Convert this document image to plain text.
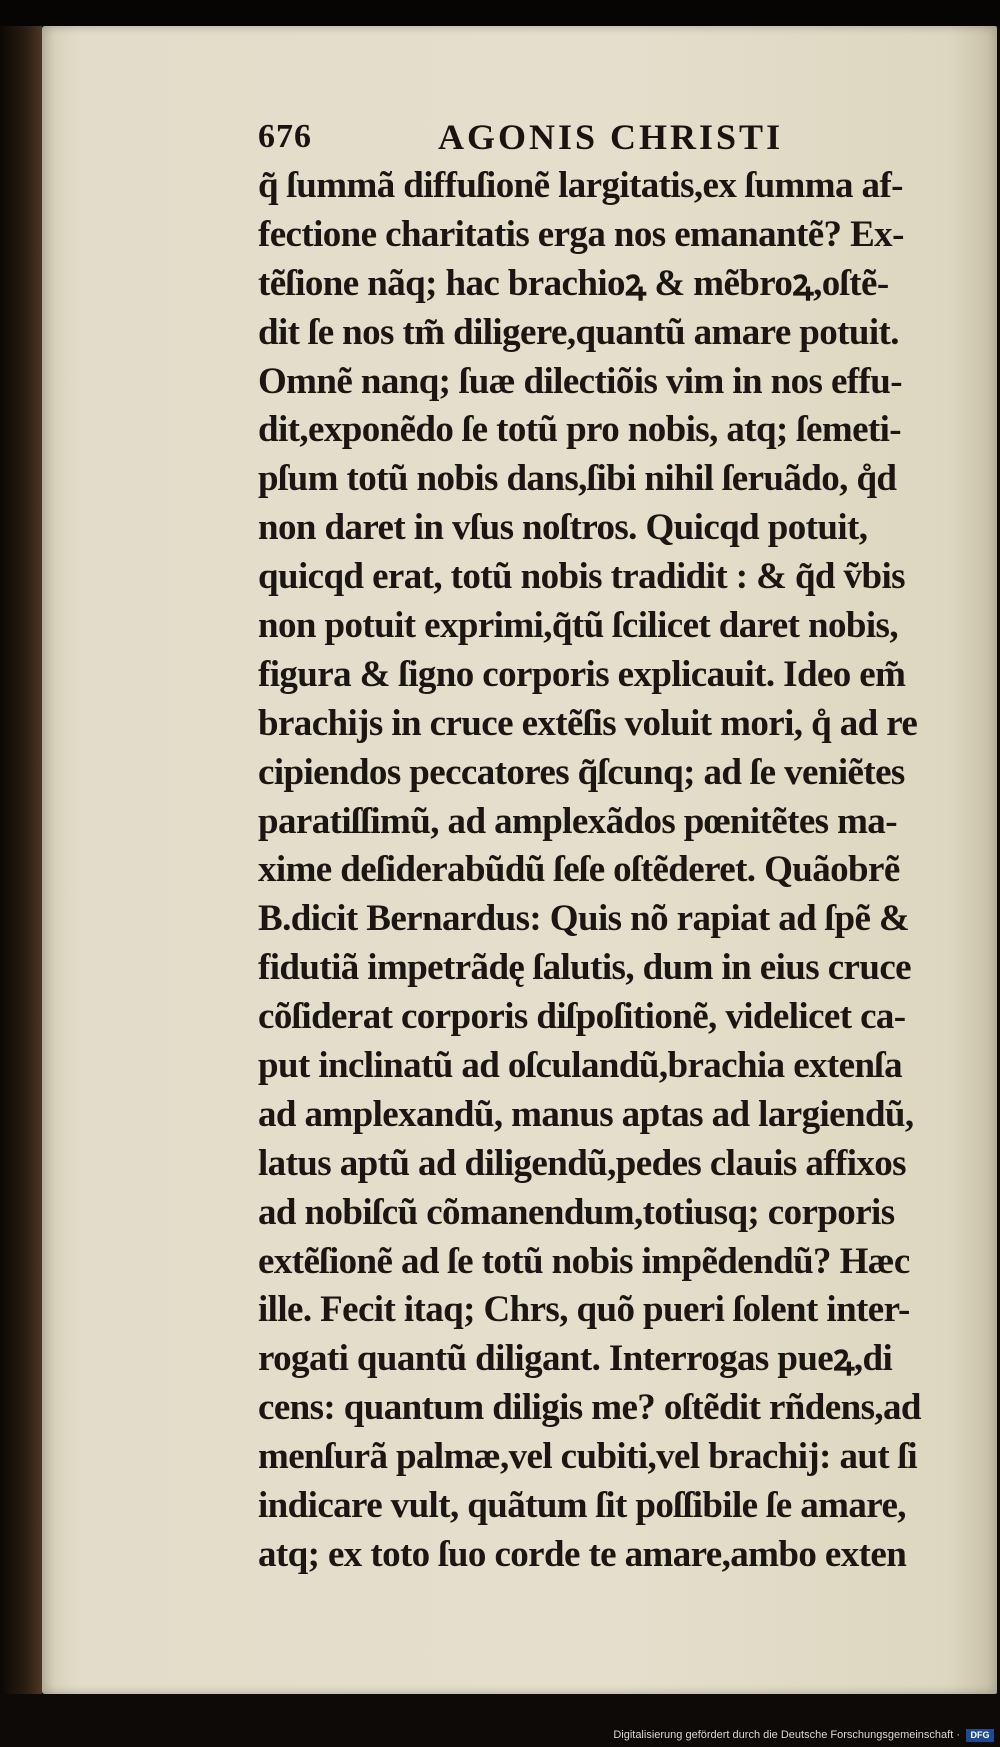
676	AGONIS CHRISTI
q̃ ſummã diffuſionẽ largitatis,ex ſumma af-
fectione charitatis erga nos emanantẽ? Ex-
tẽſione nãq; hac brachioꝝ & mẽbroꝝ,oſtẽ-
dit ſe nos tm̃ diligere,quantũ amare potuit.
Omnẽ nanq; ſuæ dilectiõis vim in nos effu-
dit,exponẽdo ſe totũ pro nobis, atq; ſemeti-
pſum totũ nobis dans,ſibi nihil ſeruãdo, q̊d
non daret in vſus noſtros. Quicqd potuit,
quicqd erat, totũ nobis tradidit : & q̃d ṽbis
non potuit exprimi,q̃tũ ſcilicet daret nobis,
figura & ſigno corporis explicauit. Ideo em̃
brachijs in cruce extẽſis voluit mori, q̊ ad re
cipiendos peccatores q̃ſcunq; ad ſe veniẽtes
paratiſſimũ, ad amplexãdos pœnitẽtes ma-
xime deſiderabũdũ ſeſe oſtẽderet. Quãobrẽ
B.dicit Bernardus: Quis nõ rapiat ad ſpẽ &
fidutiã impetrãdę ſalutis, dum in eius cruce
cõſiderat corporis diſpoſitionẽ, videlicet ca-
put inclinatũ ad oſculandũ,brachia extenſa
ad amplexandũ, manus aptas ad largiendũ,
latus aptũ ad diligendũ,pedes clauis affixos
ad nobiſcũ cõmanendum,totiusq; corporis
extẽſionẽ ad ſe totũ nobis impẽdendũ? Hæc
ille. Fecit itaq; Chrs, quõ pueri ſolent inter-
rogati quantũ diligant. Interrogas pueꝝ,di
cens: quantum diligis me? oſtẽdit rñdens,ad
menſurã palmæ,vel cubiti,vel brachij: aut ſi
indicare vult, quãtum ſit poſſibile ſe amare,
atq; ex toto ſuo corde te amare,ambo exten
Digitalisierung gefördert durch die Deutsche Forschungsgemeinschaft ·	DFG
